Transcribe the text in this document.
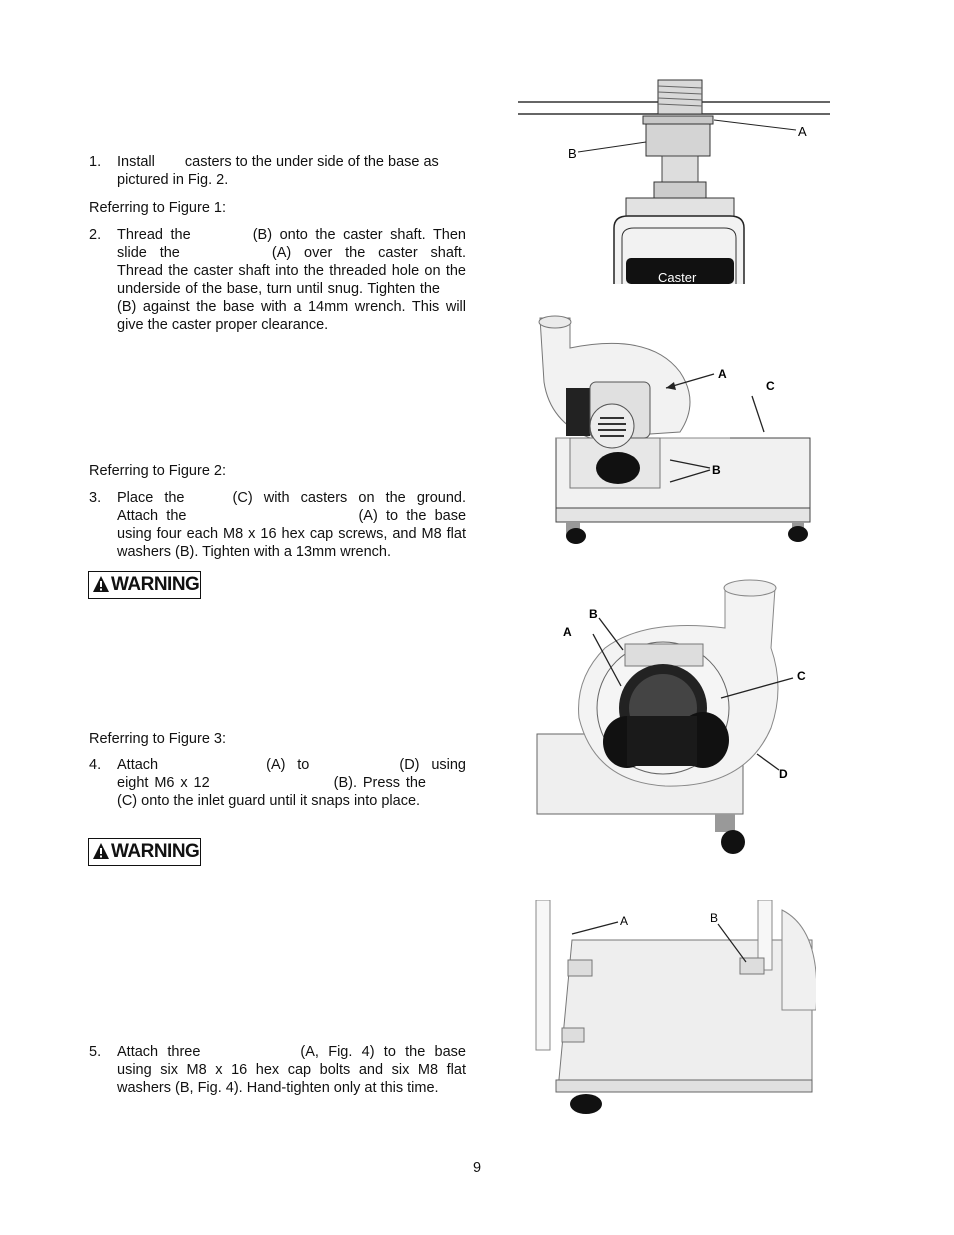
1. Install casters to the under side of the base as pictured in Fig. 2.
Referring to Figure 1:
2. Thread the	(B) onto the caster shaft. Then slide the	(A) over the caster shaft. Thread the caster shaft into the threaded hole on the underside of the base, turn until snug. Tighten the(B) against the base with a 14mm wrench. This will give the caster proper clearance.
Referring to Figure 2:
3. Place the	(C) with casters on the ground. Attach the	(A) to the base using four each M8 x 16 hex cap screws, and M8 flat washers (B). Tighten with a 13mm wrench.
WARNING
Referring to Figure 3:
4. Attach	(A) to	(D) using eight M6 x 12	(B). Press the(C) onto the inlet guard until it snaps into place.
WARNING
5. Attach three	(A, Fig. 4) to the base using six M8 x 16 hex cap bolts and six M8 flat washers (B, Fig. 4). Hand-tighten only at this time.
Caster
A
B
A
C
B
A
B
C
D
A	B
9
